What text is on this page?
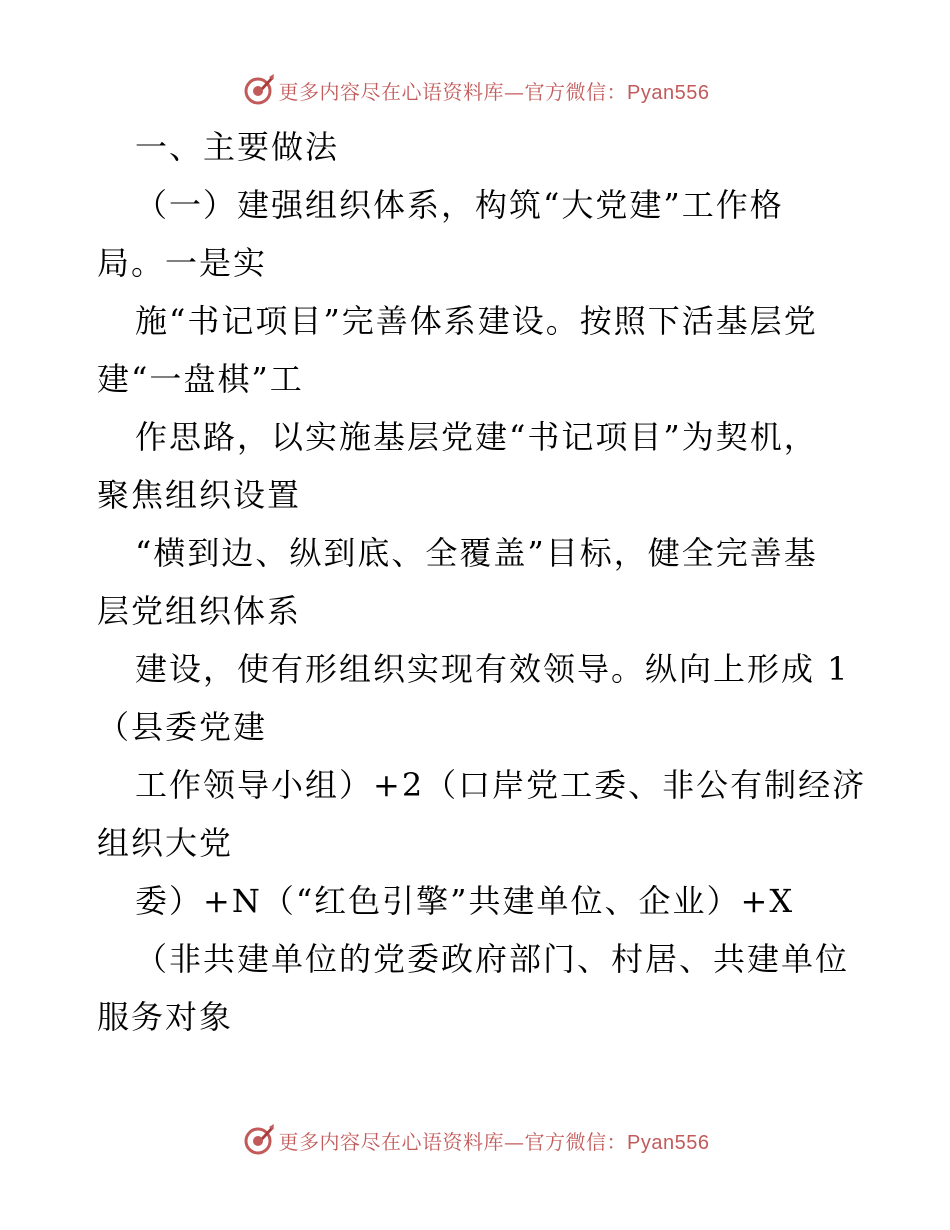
更多内容尽在心语资料库—官方微信：Pyan556
一、主要做法
（一）建强组织体系，构筑“大党建”工作格
局。一是实
施“书记项目”完善体系建设。按照下活基层党
建“一盘棋”工
作思路，以实施基层党建“书记项目”为契机，
聚焦组织设置
“横到边、纵到底、全覆盖”目标，健全完善基
层党组织体系
建设，使有形组织实现有效领导。纵向上形成 1
（县委党建
工作领导小组）+2（口岸党工委、非公有制经济
组织大党
委）+N（“红色引擎”共建单位、企业）+X
（非共建单位的党委政府部门、村居、共建单位
服务对象
更多内容尽在心语资料库—官方微信：Pyan556
